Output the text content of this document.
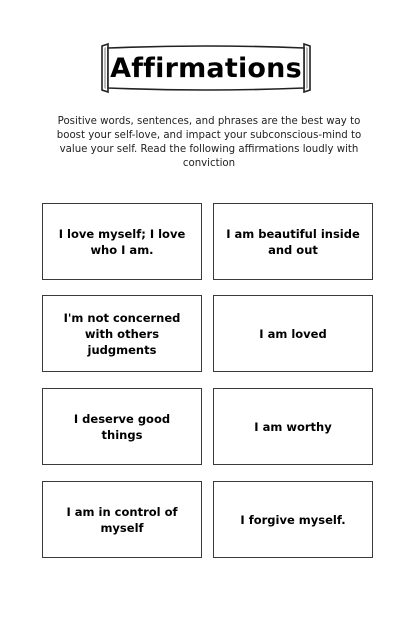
Affirmations
Positive words, sentences, and phrases are the best way to boost your self-love, and impact your subconscious-mind to value your self. Read the following affirmations loudly with conviction
I love myself; I love who I am.
I am beautiful inside and out
I'm not concerned with others judgments
I am loved
I deserve good things
I am worthy
I am in control of myself
I forgive myself.
